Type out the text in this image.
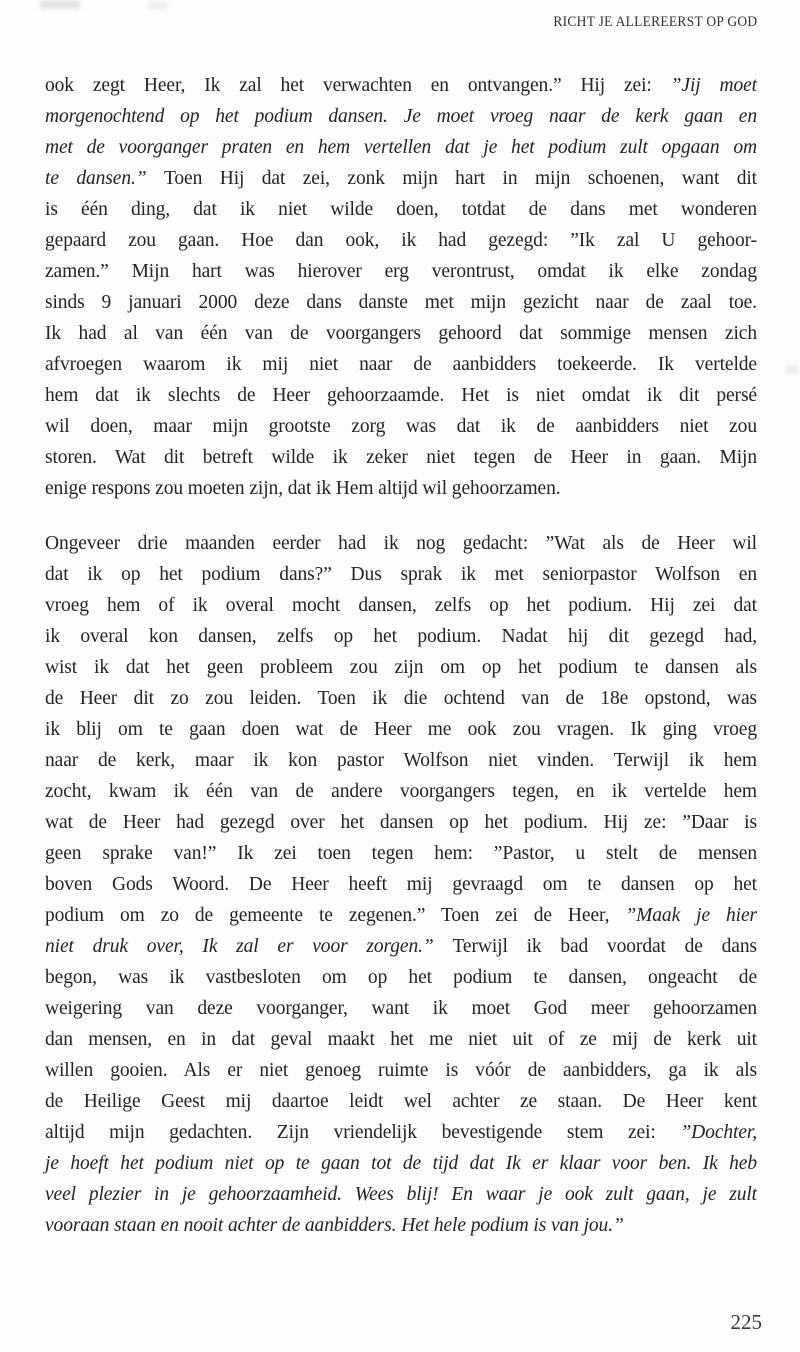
RICHT JE ALLEREERST OP GOD

ook zegt Heer, Ik zal het verwachten en ontvangen.” Hij zei: ”Jij moet
morgenochtend op het podium dansen. Je moet vroeg naar de kerk gaan en
met de voorganger praten en hem vertellen dat je het podium zult opgaan om
te dansen.” Toen Hij dat zei, zonk mijn hart in mijn schoenen, want dit
is één ding, dat ik niet wilde doen, totdat de dans met wonderen
gepaard zou gaan. Hoe dan ook, ik had gezegd: ”Ik zal U gehoor-
zamen.” Mijn hart was hierover erg verontrust, omdat ik elke zondag
sinds 9 januari 2000 deze dans danste met mijn gezicht naar de zaal toe.
Ik had al van één van de voorgangers gehoord dat sommige mensen zich
afvroegen waarom ik mij niet naar de aanbidders toekeerde. Ik vertelde
hem dat ik slechts de Heer gehoorzaamde. Het is niet omdat ik dit persé
wil doen, maar mijn grootste zorg was dat ik de aanbidders niet zou
storen. Wat dit betreft wilde ik zeker niet tegen de Heer in gaan. Mijn
enige respons zou moeten zijn, dat ik Hem altijd wil gehoorzamen.

Ongeveer drie maanden eerder had ik nog gedacht: ”Wat als de Heer wil
dat ik op het podium dans?” Dus sprak ik met seniorpastor Wolfson en
vroeg hem of ik overal mocht dansen, zelfs op het podium. Hij zei dat
ik overal kon dansen, zelfs op het podium. Nadat hij dit gezegd had,
wist ik dat het geen probleem zou zijn om op het podium te dansen als
de Heer dit zo zou leiden. Toen ik die ochtend van de 18e opstond, was
ik blij om te gaan doen wat de Heer me ook zou vragen. Ik ging vroeg
naar de kerk, maar ik kon pastor Wolfson niet vinden. Terwijl ik hem
zocht, kwam ik één van de andere voorgangers tegen, en ik vertelde hem
wat de Heer had gezegd over het dansen op het podium. Hij ze: ”Daar is
geen sprake van!” Ik zei toen tegen hem: ”Pastor, u stelt de mensen
boven Gods Woord. De Heer heeft mij gevraagd om te dansen op het
podium om zo de gemeente te zegenen.” Toen zei de Heer, ”Maak je hier
niet druk over, Ik zal er voor zorgen.” Terwijl ik bad voordat de dans
begon, was ik vastbesloten om op het podium te dansen, ongeacht de
weigering van deze voorganger, want ik moet God meer gehoorzamen
dan mensen, en in dat geval maakt het me niet uit of ze mij de kerk uit
willen gooien. Als er niet genoeg ruimte is vóór de aanbidders, ga ik als
de Heilige Geest mij daartoe leidt wel achter ze staan. De Heer kent
altijd mijn gedachten. Zijn vriendelijk bevestigende stem zei: ”Dochter,
je hoeft het podium niet op te gaan tot de tijd dat Ik er klaar voor ben. Ik heb
veel plezier in je gehoorzaamheid. Wees blij! En waar je ook zult gaan, je zult
vooraan staan en nooit achter de aanbidders. Het hele podium is van jou.”

225
